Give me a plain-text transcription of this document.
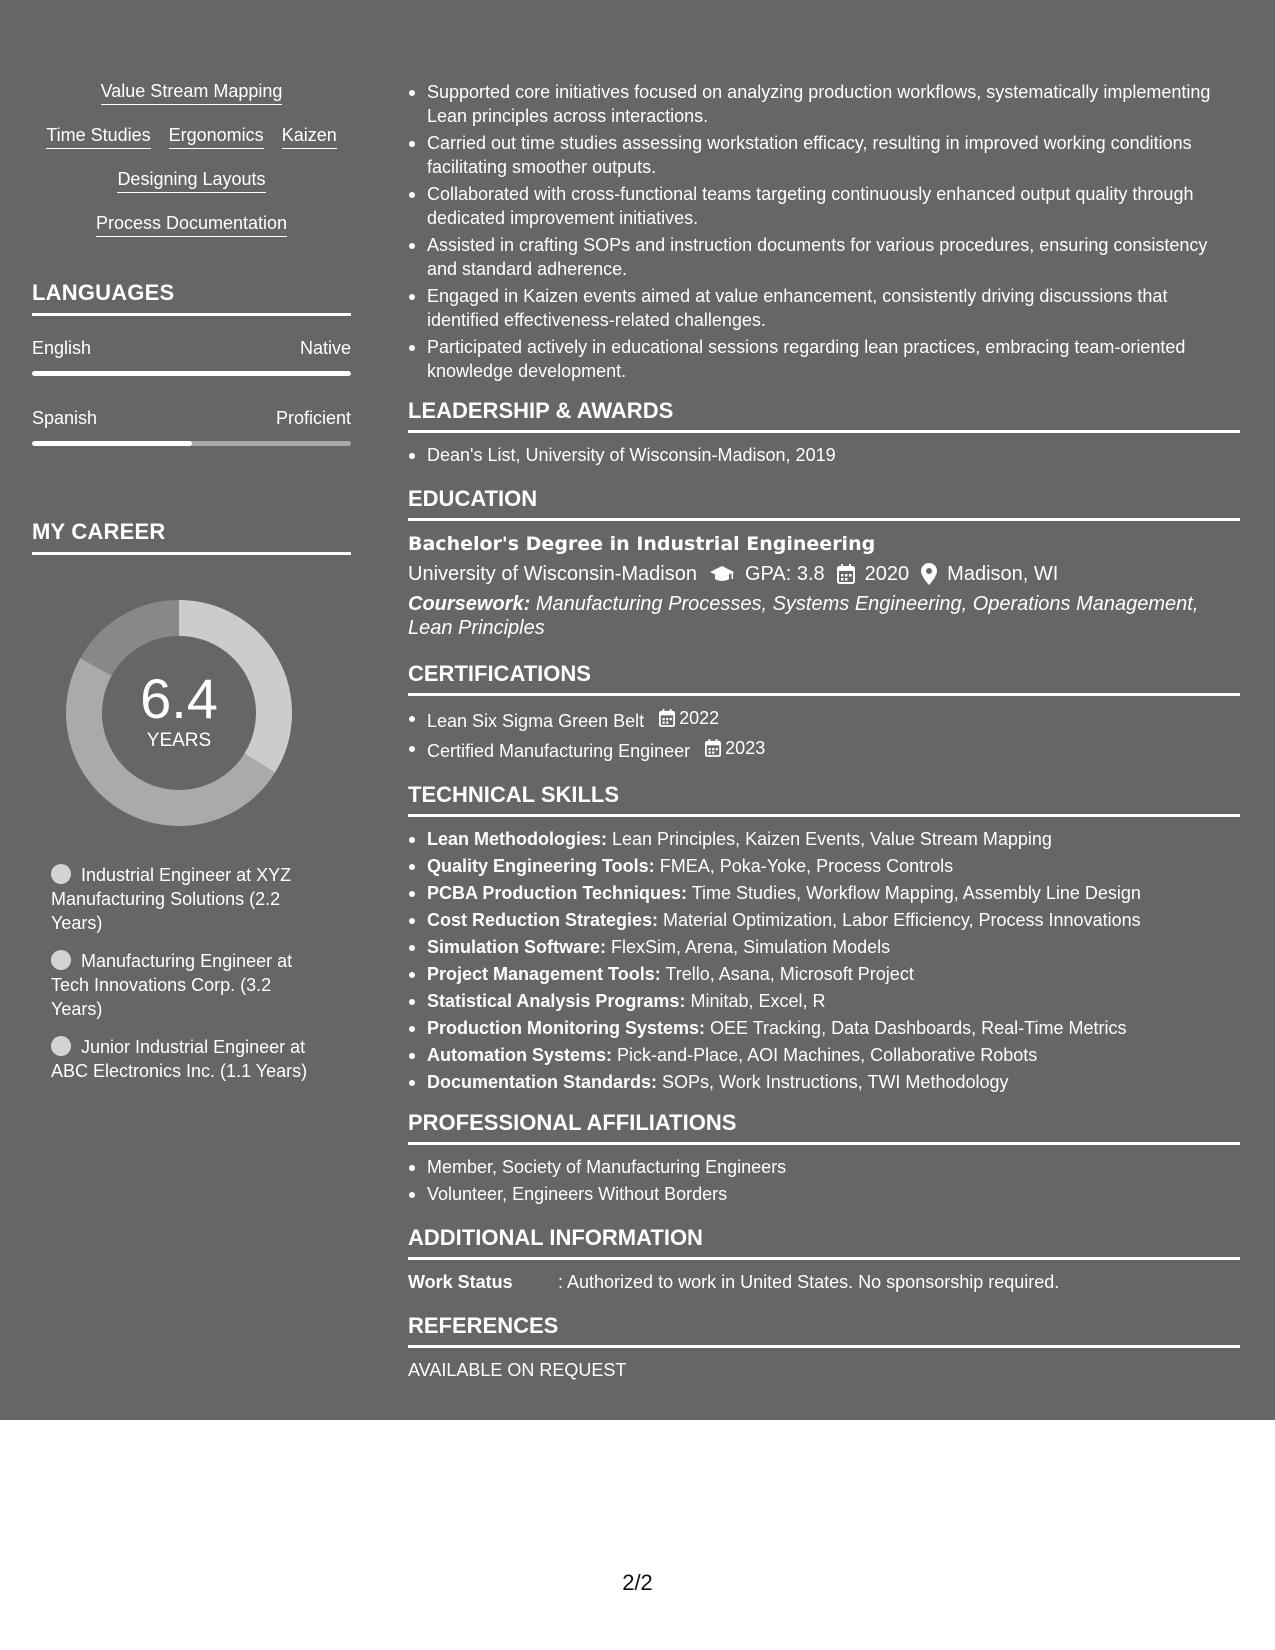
Value Stream Mapping
Time Studies Ergonomics Kaizen
Designing Layouts
Process Documentation
LANGUAGES
English	Native
Spanish	Proficient
MY CAREER
6.4
YEARS
Industrial Engineer at XYZ Manufacturing Solutions (2.2 Years)
Manufacturing Engineer at Tech Innovations Corp. (3.2 Years)
Junior Industrial Engineer at ABC Electronics Inc. (1.1 Years)
Supported core initiatives focused on analyzing production workflows, systematically implementing Lean principles across interactions.
Carried out time studies assessing workstation efficacy, resulting in improved working conditions facilitating smoother outputs.
Collaborated with cross-functional teams targeting continuously enhanced output quality through dedicated improvement initiatives.
Assisted in crafting SOPs and instruction documents for various procedures, ensuring consistency and standard adherence.
Engaged in Kaizen events aimed at value enhancement, consistently driving discussions that identified effectiveness-related challenges.
Participated actively in educational sessions regarding lean practices, embracing team-oriented knowledge development.
LEADERSHIP & AWARDS
Dean's List, University of Wisconsin-Madison, 2019
EDUCATION
Bachelor's Degree in Industrial Engineering
University of Wisconsin-Madison GPA: 3.8 2020 Madison, WI
Coursework: Manufacturing Processes, Systems Engineering, Operations Management, Lean Principles
CERTIFICATIONS
Lean Six Sigma Green Belt 2022
Certified Manufacturing Engineer 2023
TECHNICAL SKILLS
Lean Methodologies: Lean Principles, Kaizen Events, Value Stream Mapping
Quality Engineering Tools: FMEA, Poka-Yoke, Process Controls
PCBA Production Techniques: Time Studies, Workflow Mapping, Assembly Line Design
Cost Reduction Strategies: Material Optimization, Labor Efficiency, Process Innovations
Simulation Software: FlexSim, Arena, Simulation Models
Project Management Tools: Trello, Asana, Microsoft Project
Statistical Analysis Programs: Minitab, Excel, R
Production Monitoring Systems: OEE Tracking, Data Dashboards, Real-Time Metrics
Automation Systems: Pick-and-Place, AOI Machines, Collaborative Robots
Documentation Standards: SOPs, Work Instructions, TWI Methodology
PROFESSIONAL AFFILIATIONS
Member, Society of Manufacturing Engineers
Volunteer, Engineers Without Borders
ADDITIONAL INFORMATION
Work Status	: Authorized to work in United States. No sponsorship required.
REFERENCES
AVAILABLE ON REQUEST
2/2
